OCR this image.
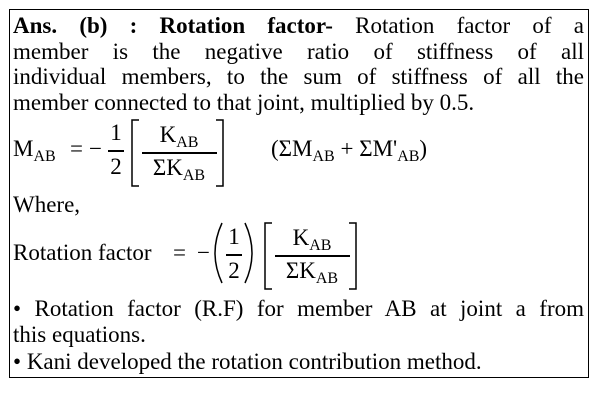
Ans. (b) : Rotation factor- Rotation factor of a
member is the negative ratio of stiffness of all
individual members, to the sum of stiffness of all the
member connected to that joint, multiplied by 0.5.
$M_{AB}$ = −
1
2
$K_{AB}$
$\Sigma K_{AB}$
$(\Sigma M_{AB} + \Sigma M'_{AB})$
Where,
Rotation factor = −
1
2
$K_{AB}$
$\Sigma K_{AB}$
• Rotation factor (R.F) for member AB at joint a from
this equations.
• Kani developed the rotation contribution method.
